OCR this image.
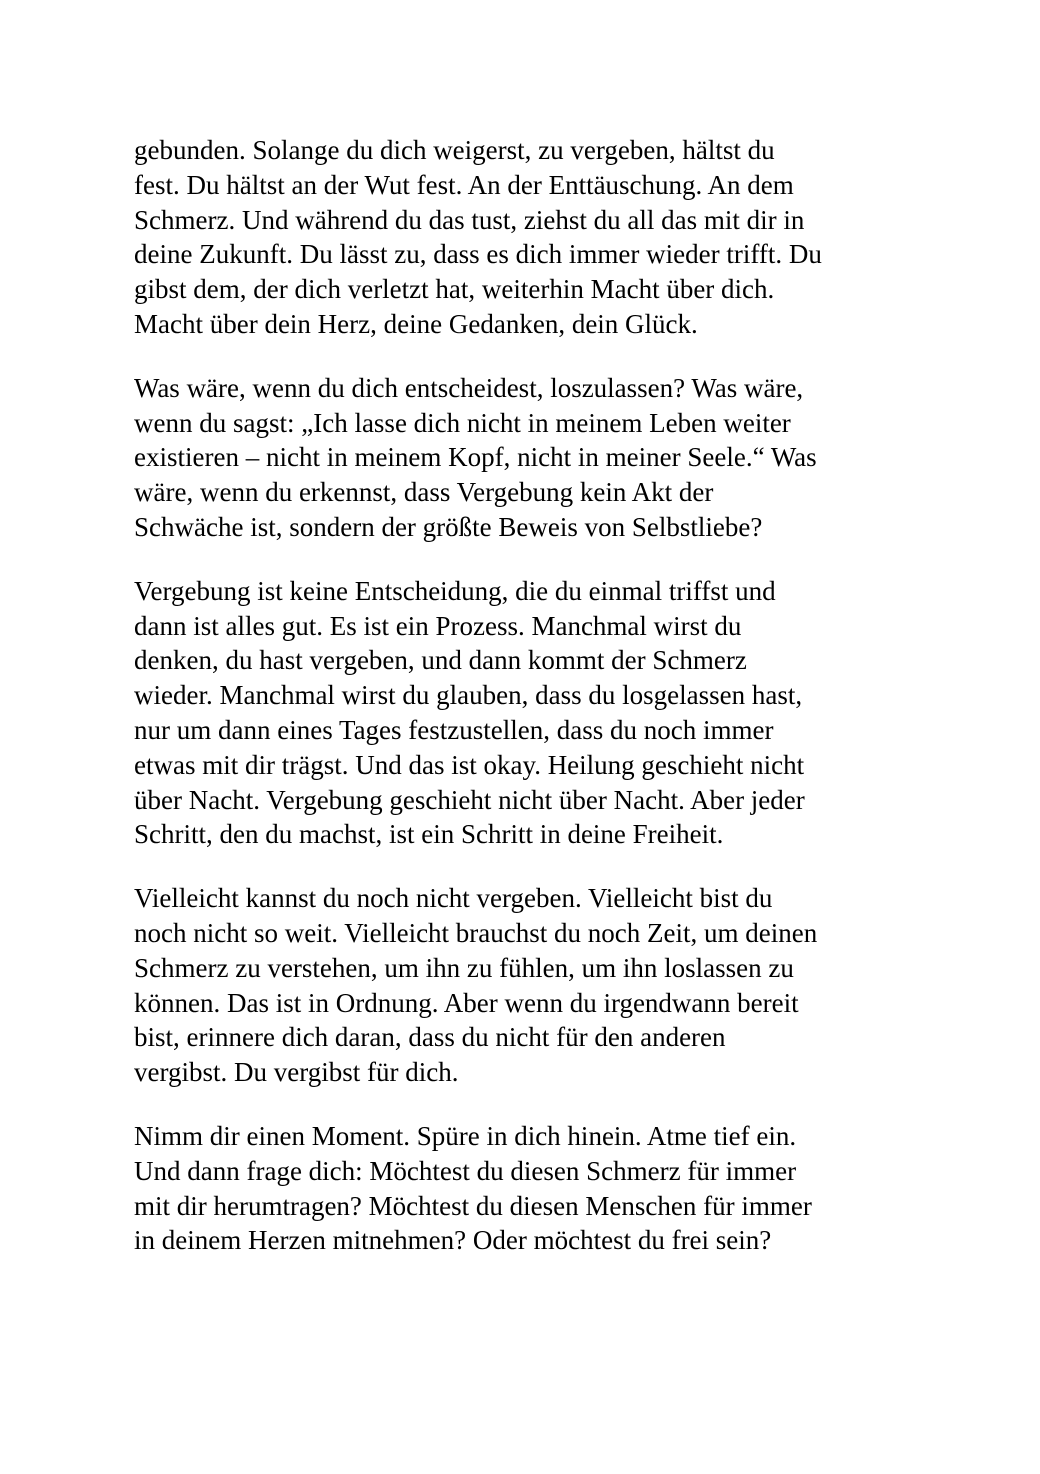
gebunden. Solange du dich weigerst, zu vergeben, hältst du
fest. Du hältst an der Wut fest. An der Enttäuschung. An dem
Schmerz. Und während du das tust, ziehst du all das mit dir in
deine Zukunft. Du lässt zu, dass es dich immer wieder trifft. Du
gibst dem, der dich verletzt hat, weiterhin Macht über dich.
Macht über dein Herz, deine Gedanken, dein Glück.

Was wäre, wenn du dich entscheidest, loszulassen? Was wäre,
wenn du sagst: „Ich lasse dich nicht in meinem Leben weiter
existieren – nicht in meinem Kopf, nicht in meiner Seele.“ Was
wäre, wenn du erkennst, dass Vergebung kein Akt der
Schwäche ist, sondern der größte Beweis von Selbstliebe?

Vergebung ist keine Entscheidung, die du einmal triffst und
dann ist alles gut. Es ist ein Prozess. Manchmal wirst du
denken, du hast vergeben, und dann kommt der Schmerz
wieder. Manchmal wirst du glauben, dass du losgelassen hast,
nur um dann eines Tages festzustellen, dass du noch immer
etwas mit dir trägst. Und das ist okay. Heilung geschieht nicht
über Nacht. Vergebung geschieht nicht über Nacht. Aber jeder
Schritt, den du machst, ist ein Schritt in deine Freiheit.

Vielleicht kannst du noch nicht vergeben. Vielleicht bist du
noch nicht so weit. Vielleicht brauchst du noch Zeit, um deinen
Schmerz zu verstehen, um ihn zu fühlen, um ihn loslassen zu
können. Das ist in Ordnung. Aber wenn du irgendwann bereit
bist, erinnere dich daran, dass du nicht für den anderen
vergibst. Du vergibst für dich.

Nimm dir einen Moment. Spüre in dich hinein. Atme tief ein.
Und dann frage dich: Möchtest du diesen Schmerz für immer
mit dir herumtragen? Möchtest du diesen Menschen für immer
in deinem Herzen mitnehmen? Oder möchtest du frei sein?
